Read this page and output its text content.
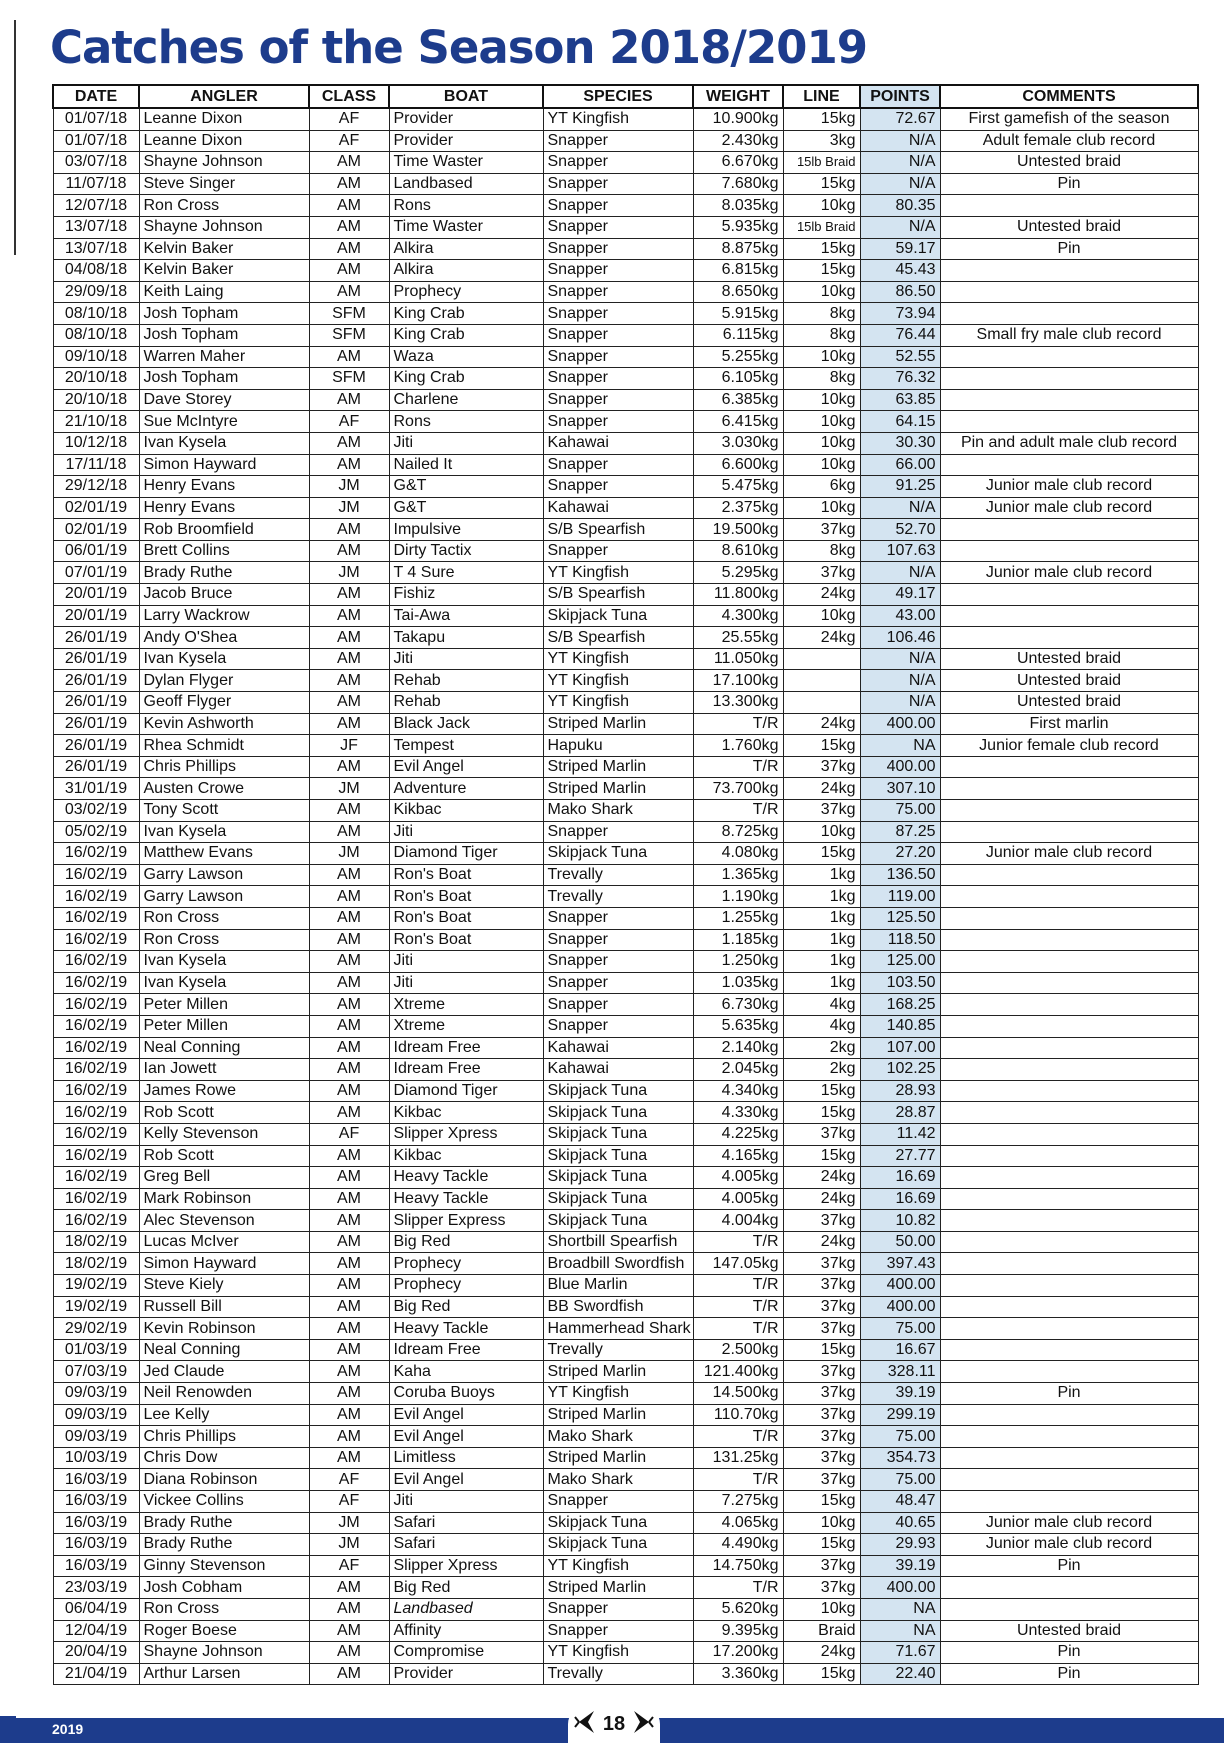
Catches of the Season 2018/2019
DATE	ANGLER	CLASS	BOAT	SPECIES	WEIGHT	LINE	POINTS	COMMENTS
01/07/18	Leanne Dixon	AF	Provider	YT Kingfish	10.900kg	15kg	72.67	First gamefish of the season
01/07/18	Leanne Dixon	AF	Provider	Snapper	2.430kg	3kg	N/A	Adult female club record
03/07/18	Shayne Johnson	AM	Time Waster	Snapper	6.670kg	15lb Braid	N/A	Untested braid
11/07/18	Steve Singer	AM	Landbased	Snapper	7.680kg	15kg	N/A	Pin
12/07/18	Ron Cross	AM	Rons	Snapper	8.035kg	10kg	80.35	
13/07/18	Shayne Johnson	AM	Time Waster	Snapper	5.935kg	15lb Braid	N/A	Untested braid
13/07/18	Kelvin Baker	AM	Alkira	Snapper	8.875kg	15kg	59.17	Pin
04/08/18	Kelvin Baker	AM	Alkira	Snapper	6.815kg	15kg	45.43	
29/09/18	Keith Laing	AM	Prophecy	Snapper	8.650kg	10kg	86.50	
08/10/18	Josh Topham	SFM	King Crab	Snapper	5.915kg	8kg	73.94	
08/10/18	Josh Topham	SFM	King Crab	Snapper	6.115kg	8kg	76.44	Small fry male club record
09/10/18	Warren Maher	AM	Waza	Snapper	5.255kg	10kg	52.55	
20/10/18	Josh Topham	SFM	King Crab	Snapper	6.105kg	8kg	76.32	
20/10/18	Dave Storey	AM	Charlene	Snapper	6.385kg	10kg	63.85	
21/10/18	Sue McIntyre	AF	Rons	Snapper	6.415kg	10kg	64.15	
10/12/18	Ivan Kysela	AM	Jiti	Kahawai	3.030kg	10kg	30.30	Pin and adult male club record
17/11/18	Simon Hayward	AM	Nailed It	Snapper	6.600kg	10kg	66.00	
29/12/18	Henry Evans	JM	G&T	Snapper	5.475kg	6kg	91.25	Junior male club record
02/01/19	Henry Evans	JM	G&T	Kahawai	2.375kg	10kg	N/A	Junior male club record
02/01/19	Rob Broomfield	AM	Impulsive	S/B Spearfish	19.500kg	37kg	52.70	
06/01/19	Brett Collins	AM	Dirty Tactix	Snapper	8.610kg	8kg	107.63	
07/01/19	Brady Ruthe	JM	T 4 Sure	YT Kingfish	5.295kg	37kg	N/A	Junior male club record
20/01/19	Jacob Bruce	AM	Fishiz	S/B Spearfish	11.800kg	24kg	49.17	
20/01/19	Larry Wackrow	AM	Tai-Awa	Skipjack Tuna	4.300kg	10kg	43.00	
26/01/19	Andy O'Shea	AM	Takapu	S/B Spearfish	25.55kg	24kg	106.46	
26/01/19	Ivan Kysela	AM	Jiti	YT Kingfish	11.050kg		N/A	Untested braid
26/01/19	Dylan Flyger	AM	Rehab	YT Kingfish	17.100kg		N/A	Untested braid
26/01/19	Geoff Flyger	AM	Rehab	YT Kingfish	13.300kg		N/A	Untested braid
26/01/19	Kevin Ashworth	AM	Black Jack	Striped Marlin	T/R	24kg	400.00	First marlin
26/01/19	Rhea Schmidt	JF	Tempest	Hapuku	1.760kg	15kg	NA	Junior female club record
26/01/19	Chris Phillips	AM	Evil Angel	Striped Marlin	T/R	37kg	400.00	
31/01/19	Austen Crowe	JM	Adventure	Striped Marlin	73.700kg	24kg	307.10	
03/02/19	Tony Scott	AM	Kikbac	Mako Shark	T/R	37kg	75.00	
05/02/19	Ivan Kysela	AM	Jiti	Snapper	8.725kg	10kg	87.25	
16/02/19	Matthew Evans	JM	Diamond Tiger	Skipjack Tuna	4.080kg	15kg	27.20	Junior male club record
16/02/19	Garry Lawson	AM	Ron's Boat	Trevally	1.365kg	1kg	136.50	
16/02/19	Garry Lawson	AM	Ron's Boat	Trevally	1.190kg	1kg	119.00	
16/02/19	Ron Cross	AM	Ron's Boat	Snapper	1.255kg	1kg	125.50	
16/02/19	Ron Cross	AM	Ron's Boat	Snapper	1.185kg	1kg	118.50	
16/02/19	Ivan Kysela	AM	Jiti	Snapper	1.250kg	1kg	125.00	
16/02/19	Ivan Kysela	AM	Jiti	Snapper	1.035kg	1kg	103.50	
16/02/19	Peter Millen	AM	Xtreme	Snapper	6.730kg	4kg	168.25	
16/02/19	Peter Millen	AM	Xtreme	Snapper	5.635kg	4kg	140.85	
16/02/19	Neal Conning	AM	Idream Free	Kahawai	2.140kg	2kg	107.00	
16/02/19	Ian Jowett	AM	Idream Free	Kahawai	2.045kg	2kg	102.25	
16/02/19	James Rowe	AM	Diamond Tiger	Skipjack Tuna	4.340kg	15kg	28.93	
16/02/19	Rob Scott	AM	Kikbac	Skipjack Tuna	4.330kg	15kg	28.87	
16/02/19	Kelly Stevenson	AF	Slipper Xpress	Skipjack Tuna	4.225kg	37kg	11.42	
16/02/19	Rob Scott	AM	Kikbac	Skipjack Tuna	4.165kg	15kg	27.77	
16/02/19	Greg Bell	AM	Heavy Tackle	Skipjack Tuna	4.005kg	24kg	16.69	
16/02/19	Mark Robinson	AM	Heavy Tackle	Skipjack Tuna	4.005kg	24kg	16.69	
16/02/19	Alec Stevenson	AM	Slipper Express	Skipjack Tuna	4.004kg	37kg	10.82	
18/02/19	Lucas McIver	AM	Big Red	Shortbill Spearfish	T/R	24kg	50.00	
18/02/19	Simon Hayward	AM	Prophecy	Broadbill Swordfish	147.05kg	37kg	397.43	
19/02/19	Steve Kiely	AM	Prophecy	Blue Marlin	T/R	37kg	400.00	
19/02/19	Russell Bill	AM	Big Red	BB Swordfish	T/R	37kg	400.00	
29/02/19	Kevin Robinson	AM	Heavy Tackle	Hammerhead Shark	T/R	37kg	75.00	
01/03/19	Neal Conning	AM	Idream Free	Trevally	2.500kg	15kg	16.67	
07/03/19	Jed Claude	AM	Kaha	Striped Marlin	121.400kg	37kg	328.11	
09/03/19	Neil Renowden	AM	Coruba Buoys	YT Kingfish	14.500kg	37kg	39.19	Pin
09/03/19	Lee Kelly	AM	Evil Angel	Striped Marlin	110.70kg	37kg	299.19	
09/03/19	Chris Phillips	AM	Evil Angel	Mako Shark	T/R	37kg	75.00	
10/03/19	Chris Dow	AM	Limitless	Striped Marlin	131.25kg	37kg	354.73	
16/03/19	Diana Robinson	AF	Evil Angel	Mako Shark	T/R	37kg	75.00	
16/03/19	Vickee Collins	AF	Jiti	Snapper	7.275kg	15kg	48.47	
16/03/19	Brady Ruthe	JM	Safari	Skipjack Tuna	4.065kg	10kg	40.65	Junior male club record
16/03/19	Brady Ruthe	JM	Safari	Skipjack Tuna	4.490kg	15kg	29.93	Junior male club record
16/03/19	Ginny Stevenson	AF	Slipper Xpress	YT Kingfish	14.750kg	37kg	39.19	Pin
23/03/19	Josh Cobham	AM	Big Red	Striped Marlin	T/R	37kg	400.00	
06/04/19	Ron Cross	AM	Landbased	Snapper	5.620kg	10kg	NA	
12/04/19	Roger Boese	AM	Affinity	Snapper	9.395kg	Braid	NA	Untested braid
20/04/19	Shayne Johnson	AM	Compromise	YT Kingfish	17.200kg	24kg	71.67	Pin
21/04/19	Arthur Larsen	AM	Provider	Trevally	3.360kg	15kg	22.40	Pin
2019	18
